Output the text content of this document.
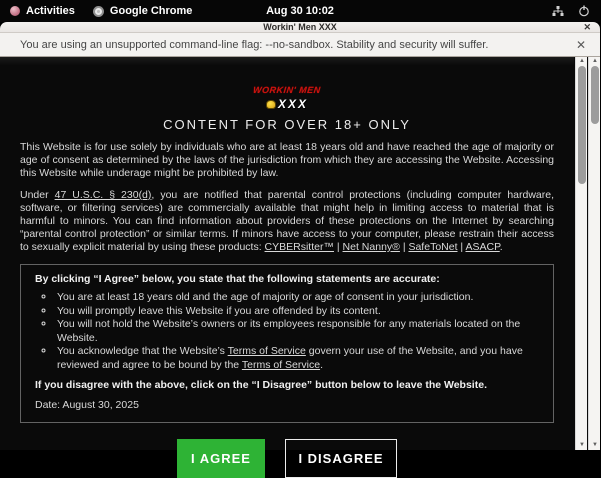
Activities	Google Chrome	Aug 30 10:02
Workin' Men XXX	✕
You are using an unsupported command-line flag: --no-sandbox. Stability and security will suffer.	✕
WORKIN' MEN
XXX
CONTENT FOR OVER 18+ ONLY

This Website is for use solely by individuals who are at least 18 years old and have reached the age of majority or age of consent as determined by the laws of the jurisdiction from which they are accessing the Website. Accessing this Website while underage might be prohibited by law.

Under 47 U.S.C. § 230(d), you are notified that parental control protections (including computer hardware, software, or filtering services) are commercially available that might help in limiting access to material that is harmful to minors. You can find information about providers of these protections on the Internet by searching “parental control protection” or similar terms. If minors have access to your computer, please restrain their access to sexually explicit material by using these products: CYBERsitter™ | Net Nanny® | SafeToNet | ASACP.

By clicking “I Agree” below, you state that the following statements are accurate:
◦ You are at least 18 years old and the age of majority or age of consent in your jurisdiction.
◦ You will promptly leave this Website if you are offended by its content.
◦ You will not hold the Website’s owners or its employees responsible for any materials located on the Website.
◦ You acknowledge that the Website’s Terms of Service govern your use of the Website, and you have reviewed and agree to be bound by the Terms of Service.
If you disagree with the above, click on the “I Disagree” button below to leave the Website.
Date: August 30, 2025
I AGREE	I DISAGREE
▲
▼
▲
▼
